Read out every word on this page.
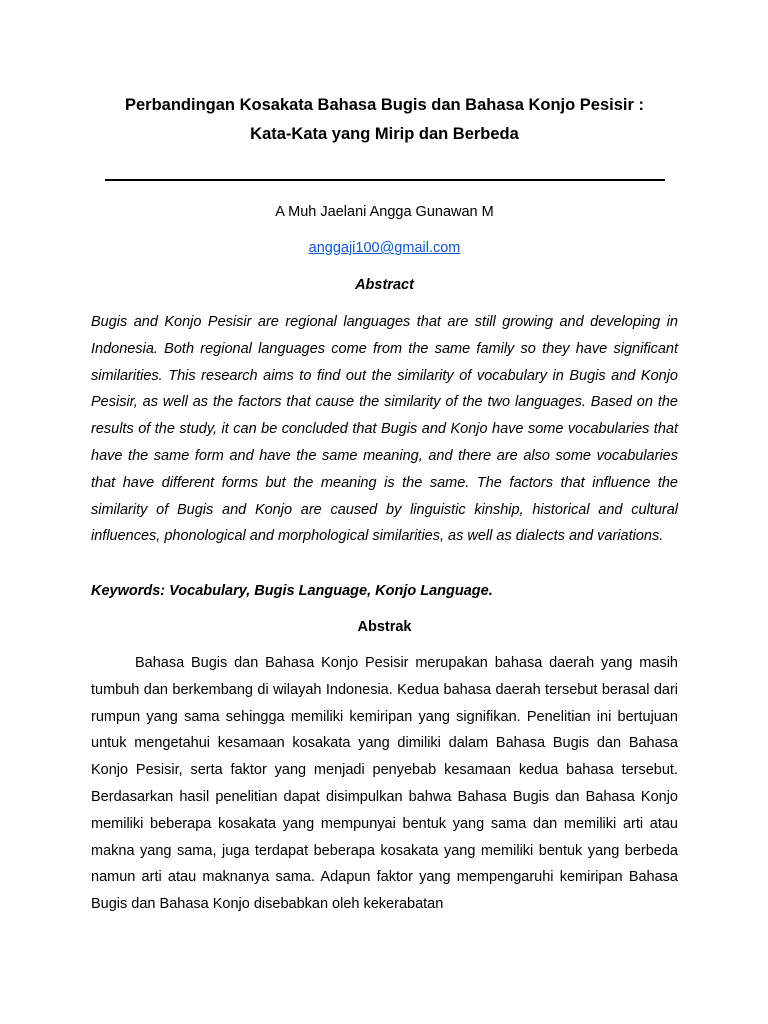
Perbandingan Kosakata Bahasa Bugis dan Bahasa Konjo Pesisir :
Kata-Kata yang Mirip dan Berbeda
A Muh Jaelani Angga Gunawan M
anggaji100@gmail.com
Abstract

Bugis and Konjo Pesisir are regional languages that are still growing and developing in Indonesia. Both regional languages come from the same family so they have significant similarities. This research aims to find out the similarity of vocabulary in Bugis and Konjo Pesisir, as well as the factors that cause the similarity of the two languages. Based on the results of the study, it can be concluded that Bugis and Konjo have some vocabularies that have the same form and have the same meaning, and there are also some vocabularies that have different forms but the meaning is the same. The factors that influence the similarity of Bugis and Konjo are caused by linguistic kinship, historical and cultural influences, phonological and morphological similarities, as well as dialects and variations.

Keywords: Vocabulary, Bugis Language, Konjo Language.

Abstrak

Bahasa Bugis dan Bahasa Konjo Pesisir merupakan bahasa daerah yang masih tumbuh dan berkembang di wilayah Indonesia. Kedua bahasa daerah tersebut berasal dari rumpun yang sama sehingga memiliki kemiripan yang signifikan. Penelitian ini bertujuan untuk mengetahui kesamaan kosakata yang dimiliki dalam Bahasa Bugis dan Bahasa Konjo Pesisir, serta faktor yang menjadi penyebab kesamaan kedua bahasa tersebut. Berdasarkan hasil penelitian dapat disimpulkan bahwa Bahasa Bugis dan Bahasa Konjo memiliki beberapa kosakata yang mempunyai bentuk yang sama dan memiliki arti atau makna yang sama, juga terdapat beberapa kosakata yang memiliki bentuk yang berbeda namun arti atau maknanya sama. Adapun faktor yang mempengaruhi kemiripan Bahasa Bugis dan Bahasa Konjo disebabkan oleh kekerabatan
